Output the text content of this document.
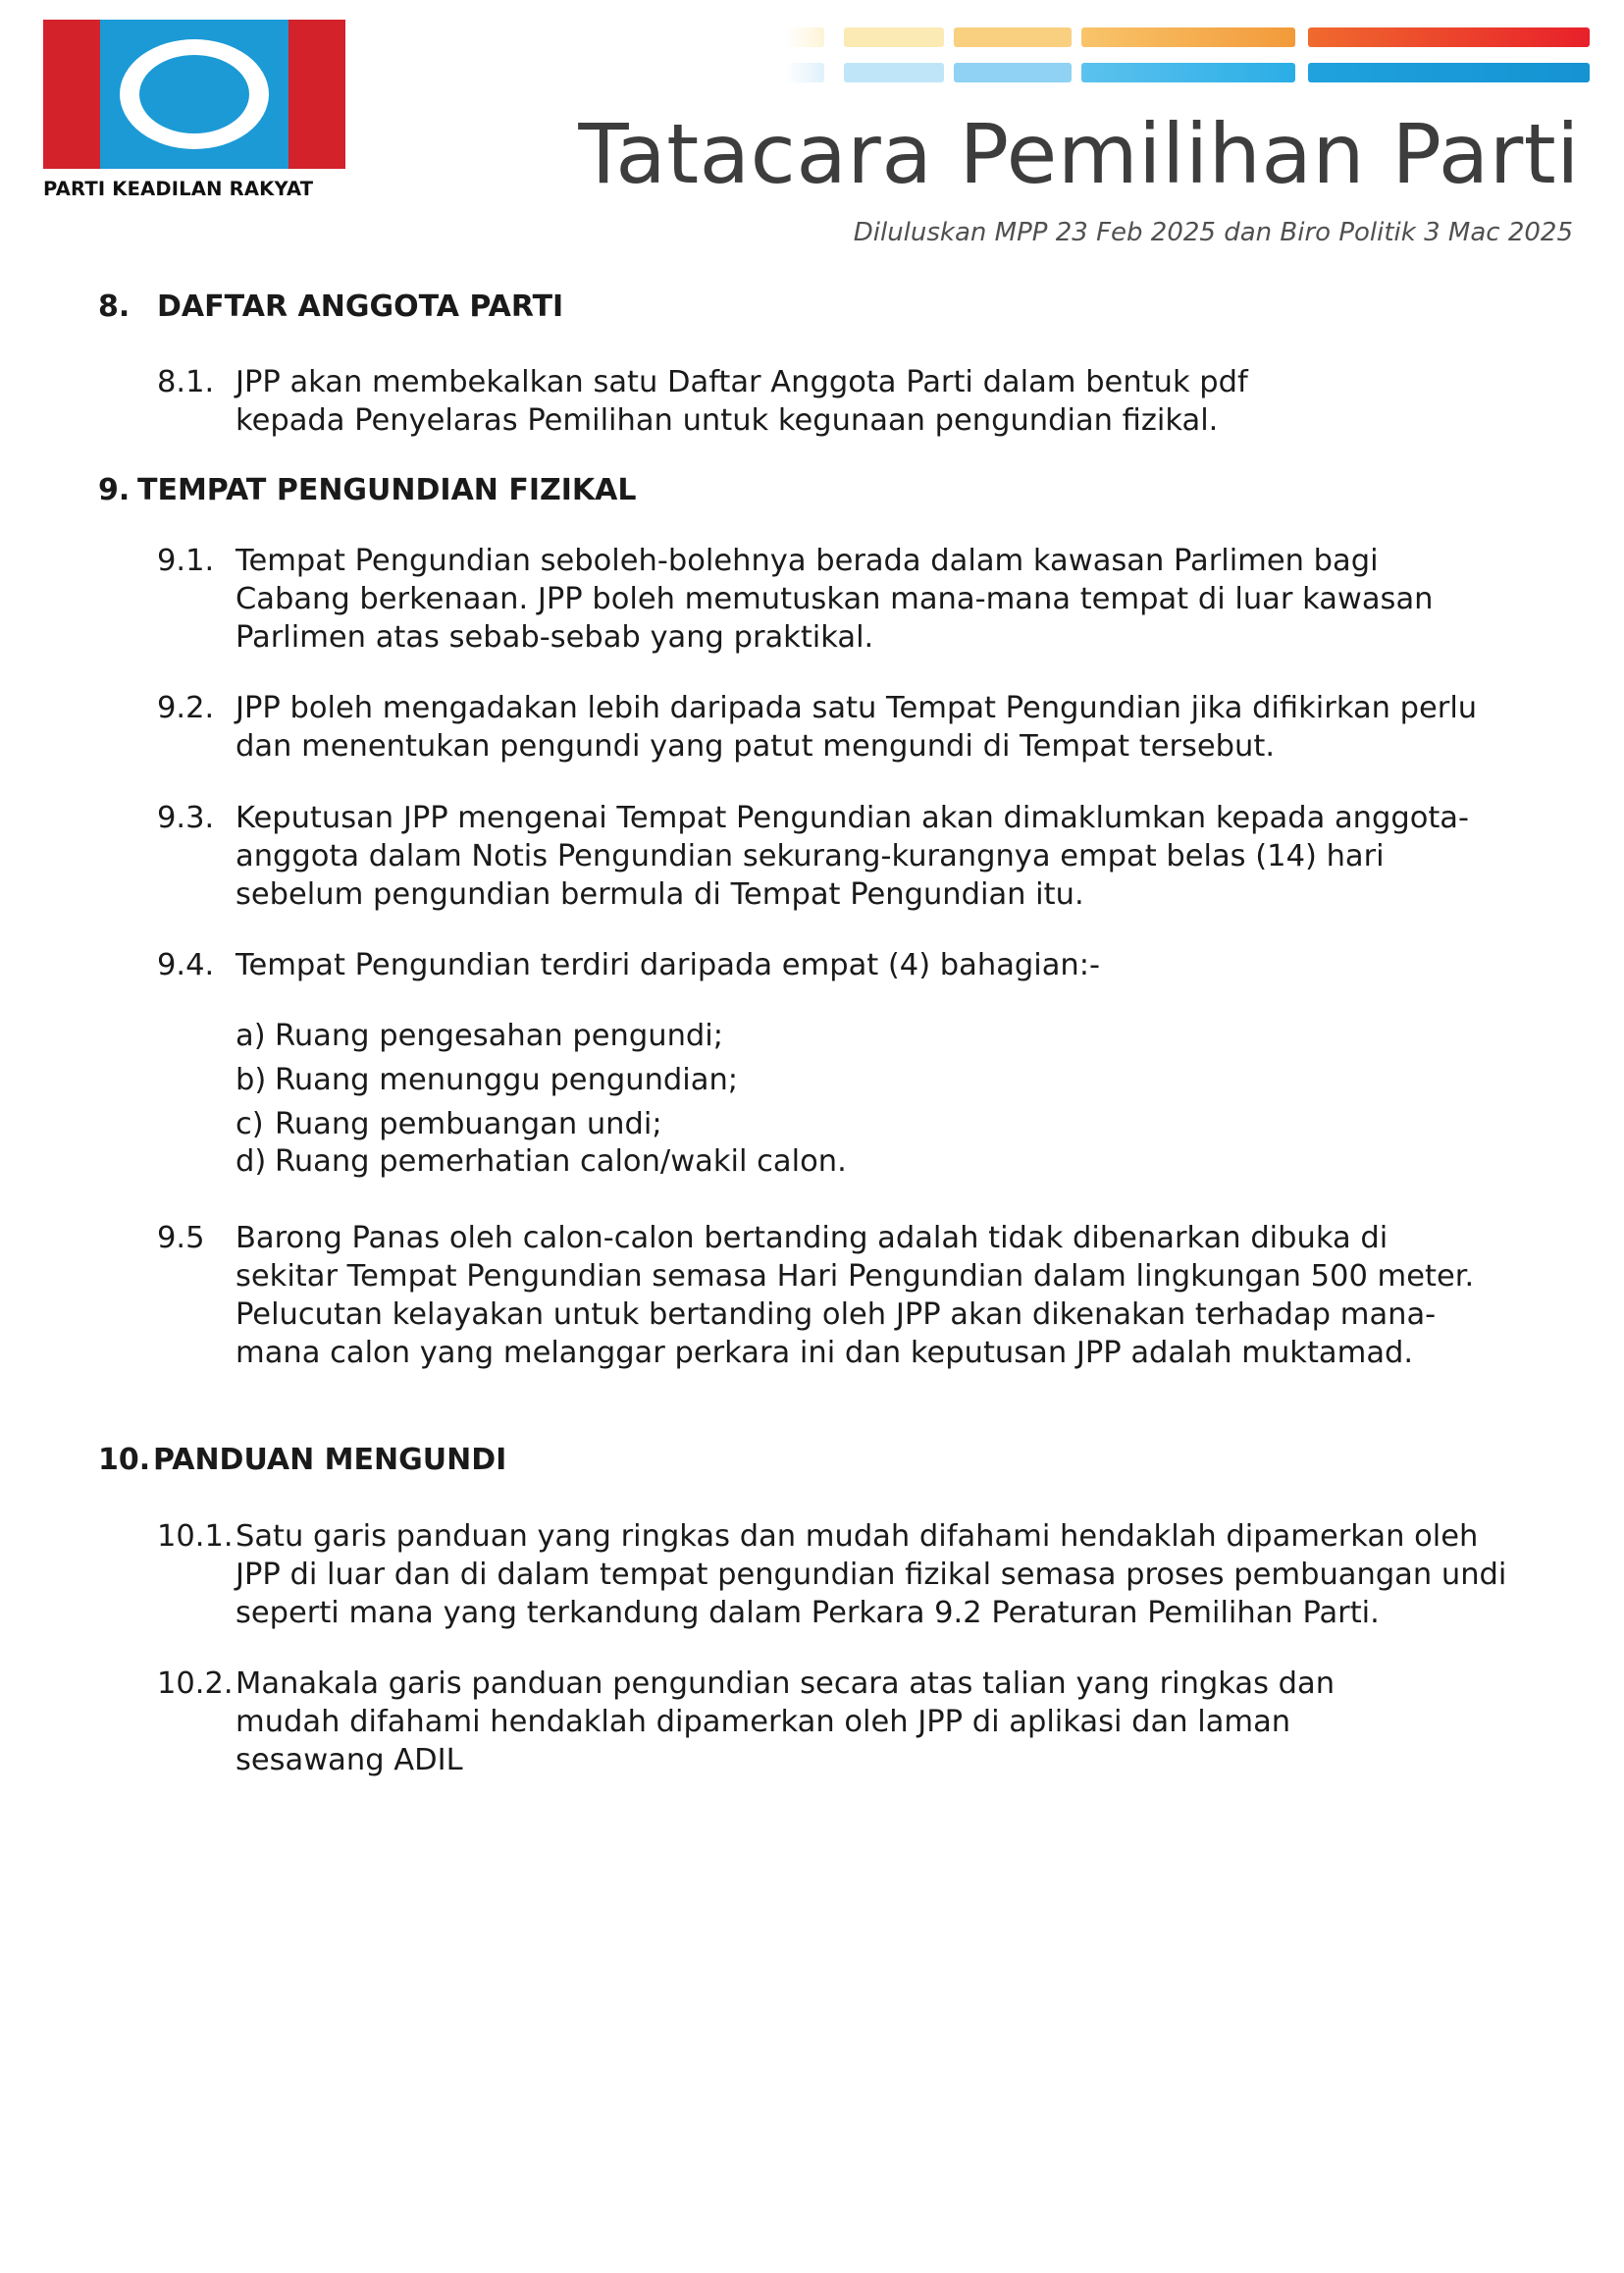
PARTI KEADILAN RAKYAT	Tatacara Pemilihan Parti
Diluluskan MPP 23 Feb 2025 dan Biro Politik 3 Mac 2025
8. DAFTAR ANGGOTA PARTI
8.1. JPP akan membekalkan satu Daftar Anggota Parti dalam bentuk pdf kepada Penyelaras Pemilihan untuk kegunaan pengundian fizikal.
9. TEMPAT PENGUNDIAN FIZIKAL
9.1. Tempat Pengundian seboleh-bolehnya berada dalam kawasan Parlimen bagi Cabang berkenaan. JPP boleh memutuskan mana-mana tempat di luar kawasan Parlimen atas sebab-sebab yang praktikal.
9.2. JPP boleh mengadakan lebih daripada satu Tempat Pengundian jika difikirkan perlu dan menentukan pengundi yang patut mengundi di Tempat tersebut.
9.3. Keputusan JPP mengenai Tempat Pengundian akan dimaklumkan kepada anggota-anggota dalam Notis Pengundian sekurang-kurangnya empat belas (14) hari sebelum pengundian bermula di Tempat Pengundian itu.
9.4. Tempat Pengundian terdiri daripada empat (4) bahagian:-
a) Ruang pengesahan pengundi;
b) Ruang menunggu pengundian;
c) Ruang pembuangan undi;
d) Ruang pemerhatian calon/wakil calon.
9.5 Barong Panas oleh calon-calon bertanding adalah tidak dibenarkan dibuka di sekitar Tempat Pengundian semasa Hari Pengundian dalam lingkungan 500 meter. Pelucutan kelayakan untuk bertanding oleh JPP akan dikenakan terhadap mana-mana calon yang melanggar perkara ini dan keputusan JPP adalah muktamad.
10.PANDUAN MENGUNDI
10.1. Satu garis panduan yang ringkas dan mudah difahami hendaklah dipamerkan oleh JPP di luar dan di dalam tempat pengundian fizikal semasa proses pembuangan undi seperti mana yang terkandung dalam Perkara 9.2 Peraturan Pemilihan Parti.
10.2. Manakala garis panduan pengundian secara atas talian yang ringkas dan mudah difahami hendaklah dipamerkan oleh JPP di aplikasi dan laman sesawang ADIL
